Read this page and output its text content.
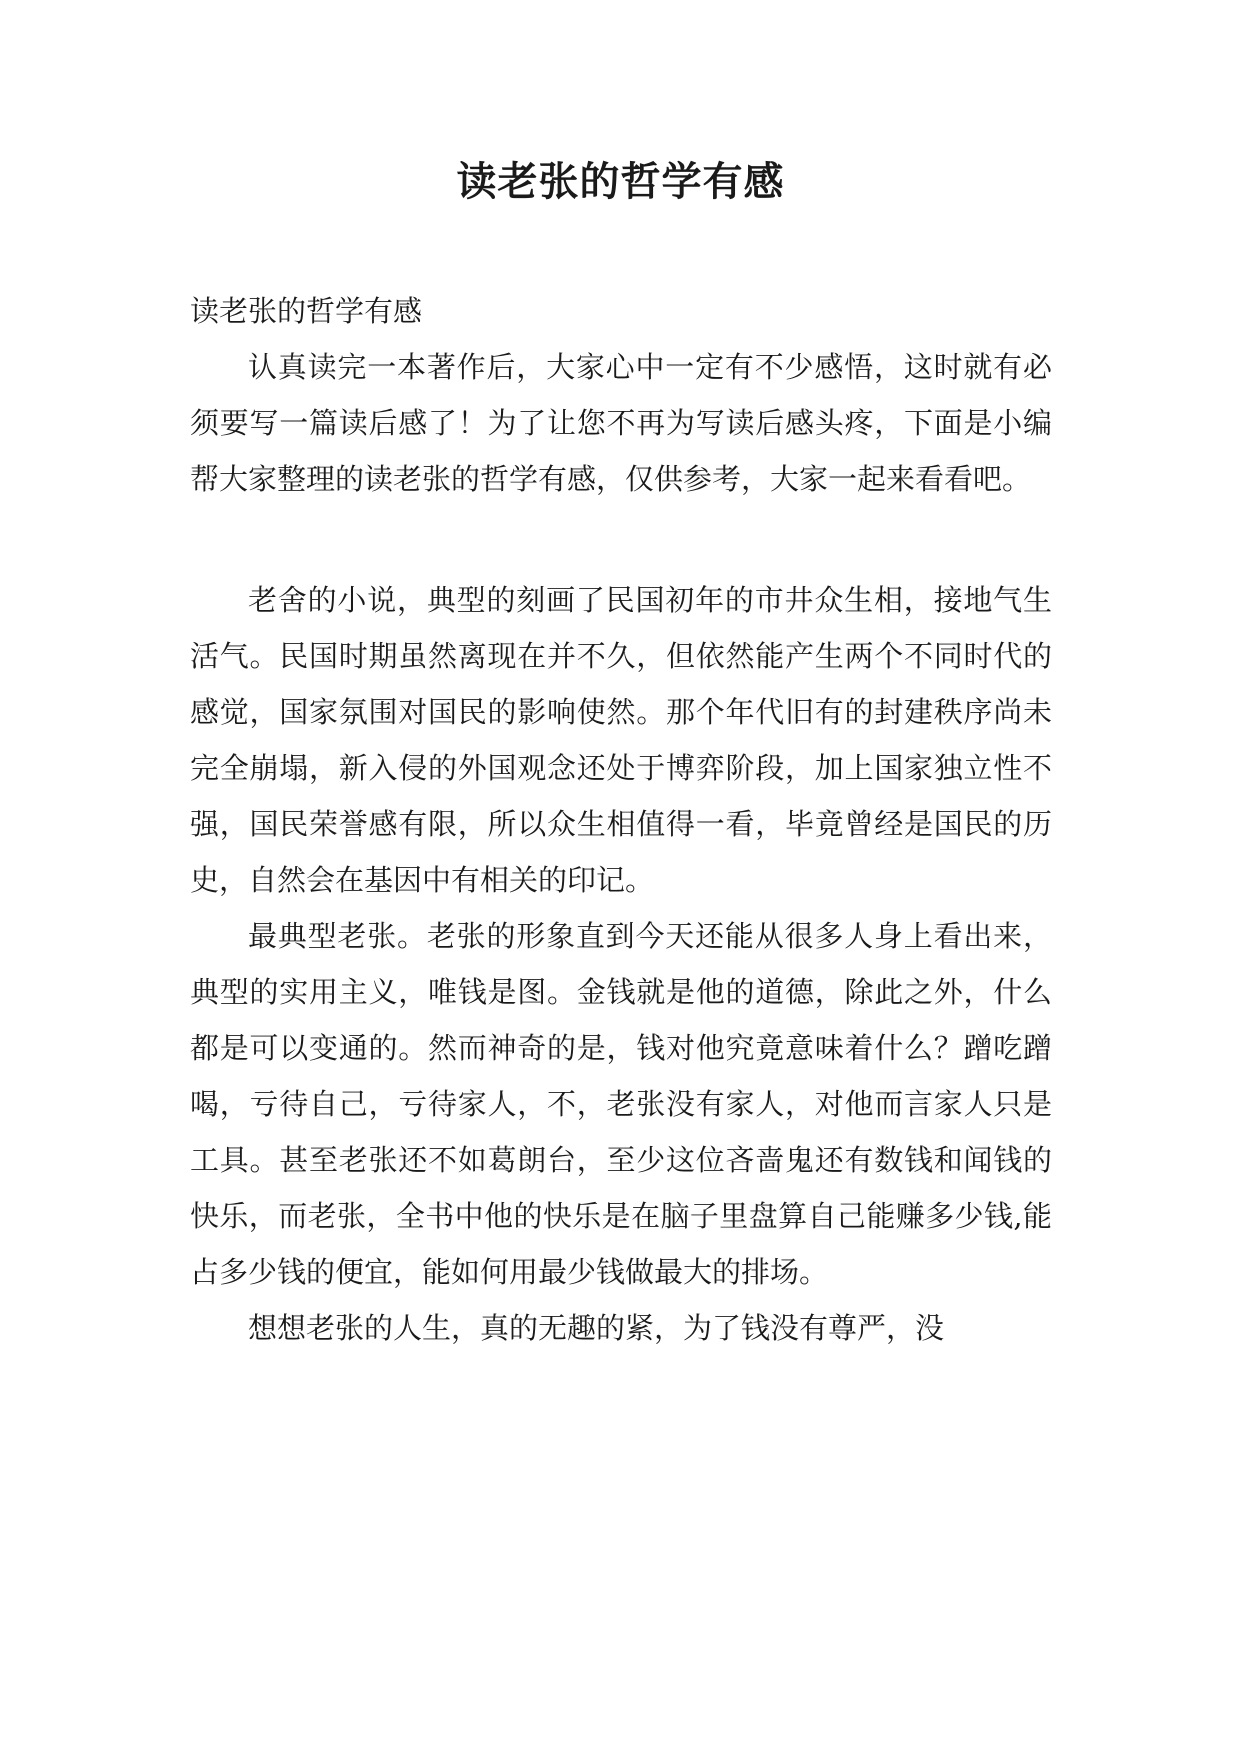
读老张的哲学有感

读老张的哲学有感

认真读完一本著作后，大家心中一定有不少感悟，这时就有必须要写一篇读后感了！为了让您不再为写读后感头疼，下面是小编帮大家整理的读老张的哲学有感，仅供参考，大家一起来看看吧。

老舍的小说，典型的刻画了民国初年的市井众生相，接地气生活气。民国时期虽然离现在并不久，但依然能产生两个不同时代的感觉，国家氛围对国民的影响使然。那个年代旧有的封建秩序尚未完全崩塌，新入侵的外国观念还处于博弈阶段，加上国家独立性不强，国民荣誉感有限，所以众生相值得一看，毕竟曾经是国民的历史，自然会在基因中有相关的印记。

最典型老张。老张的形象直到今天还能从很多人身上看出来，典型的实用主义，唯钱是图。金钱就是他的道德，除此之外，什么都是可以变通的。然而神奇的是，钱对他究竟意味着什么？蹭吃蹭喝，亏待自己，亏待家人，不，老张没有家人，对他而言家人只是工具。甚至老张还不如葛朗台，至少这位吝啬鬼还有数钱和闻钱的快乐，而老张，全书中他的快乐是在脑子里盘算自己能赚多少钱,能占多少钱的便宜，能如何用最少钱做最大的排场。

想想老张的人生，真的无趣的紧，为了钱没有尊严，没
